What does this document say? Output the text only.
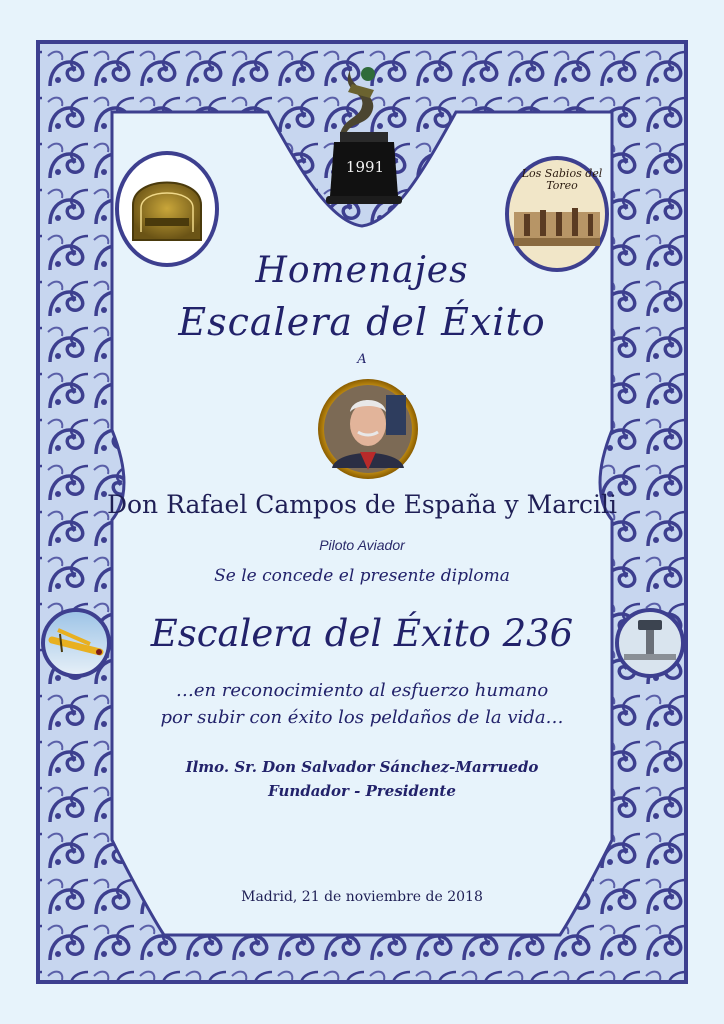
1991	Los Sabios del Toreo
Homenajes
Escalera del Éxito
A
Don Rafael Campos de España y Marcili
Piloto Aviador
Se le concede el presente diploma
Escalera del Éxito 236
…en reconocimiento al esfuerzo humano
por subir con éxito los peldaños de la vida…
Ilmo. Sr. Don Salvador Sánchez-Marruedo
Fundador - Presidente
Madrid, 21 de noviembre de 2018
